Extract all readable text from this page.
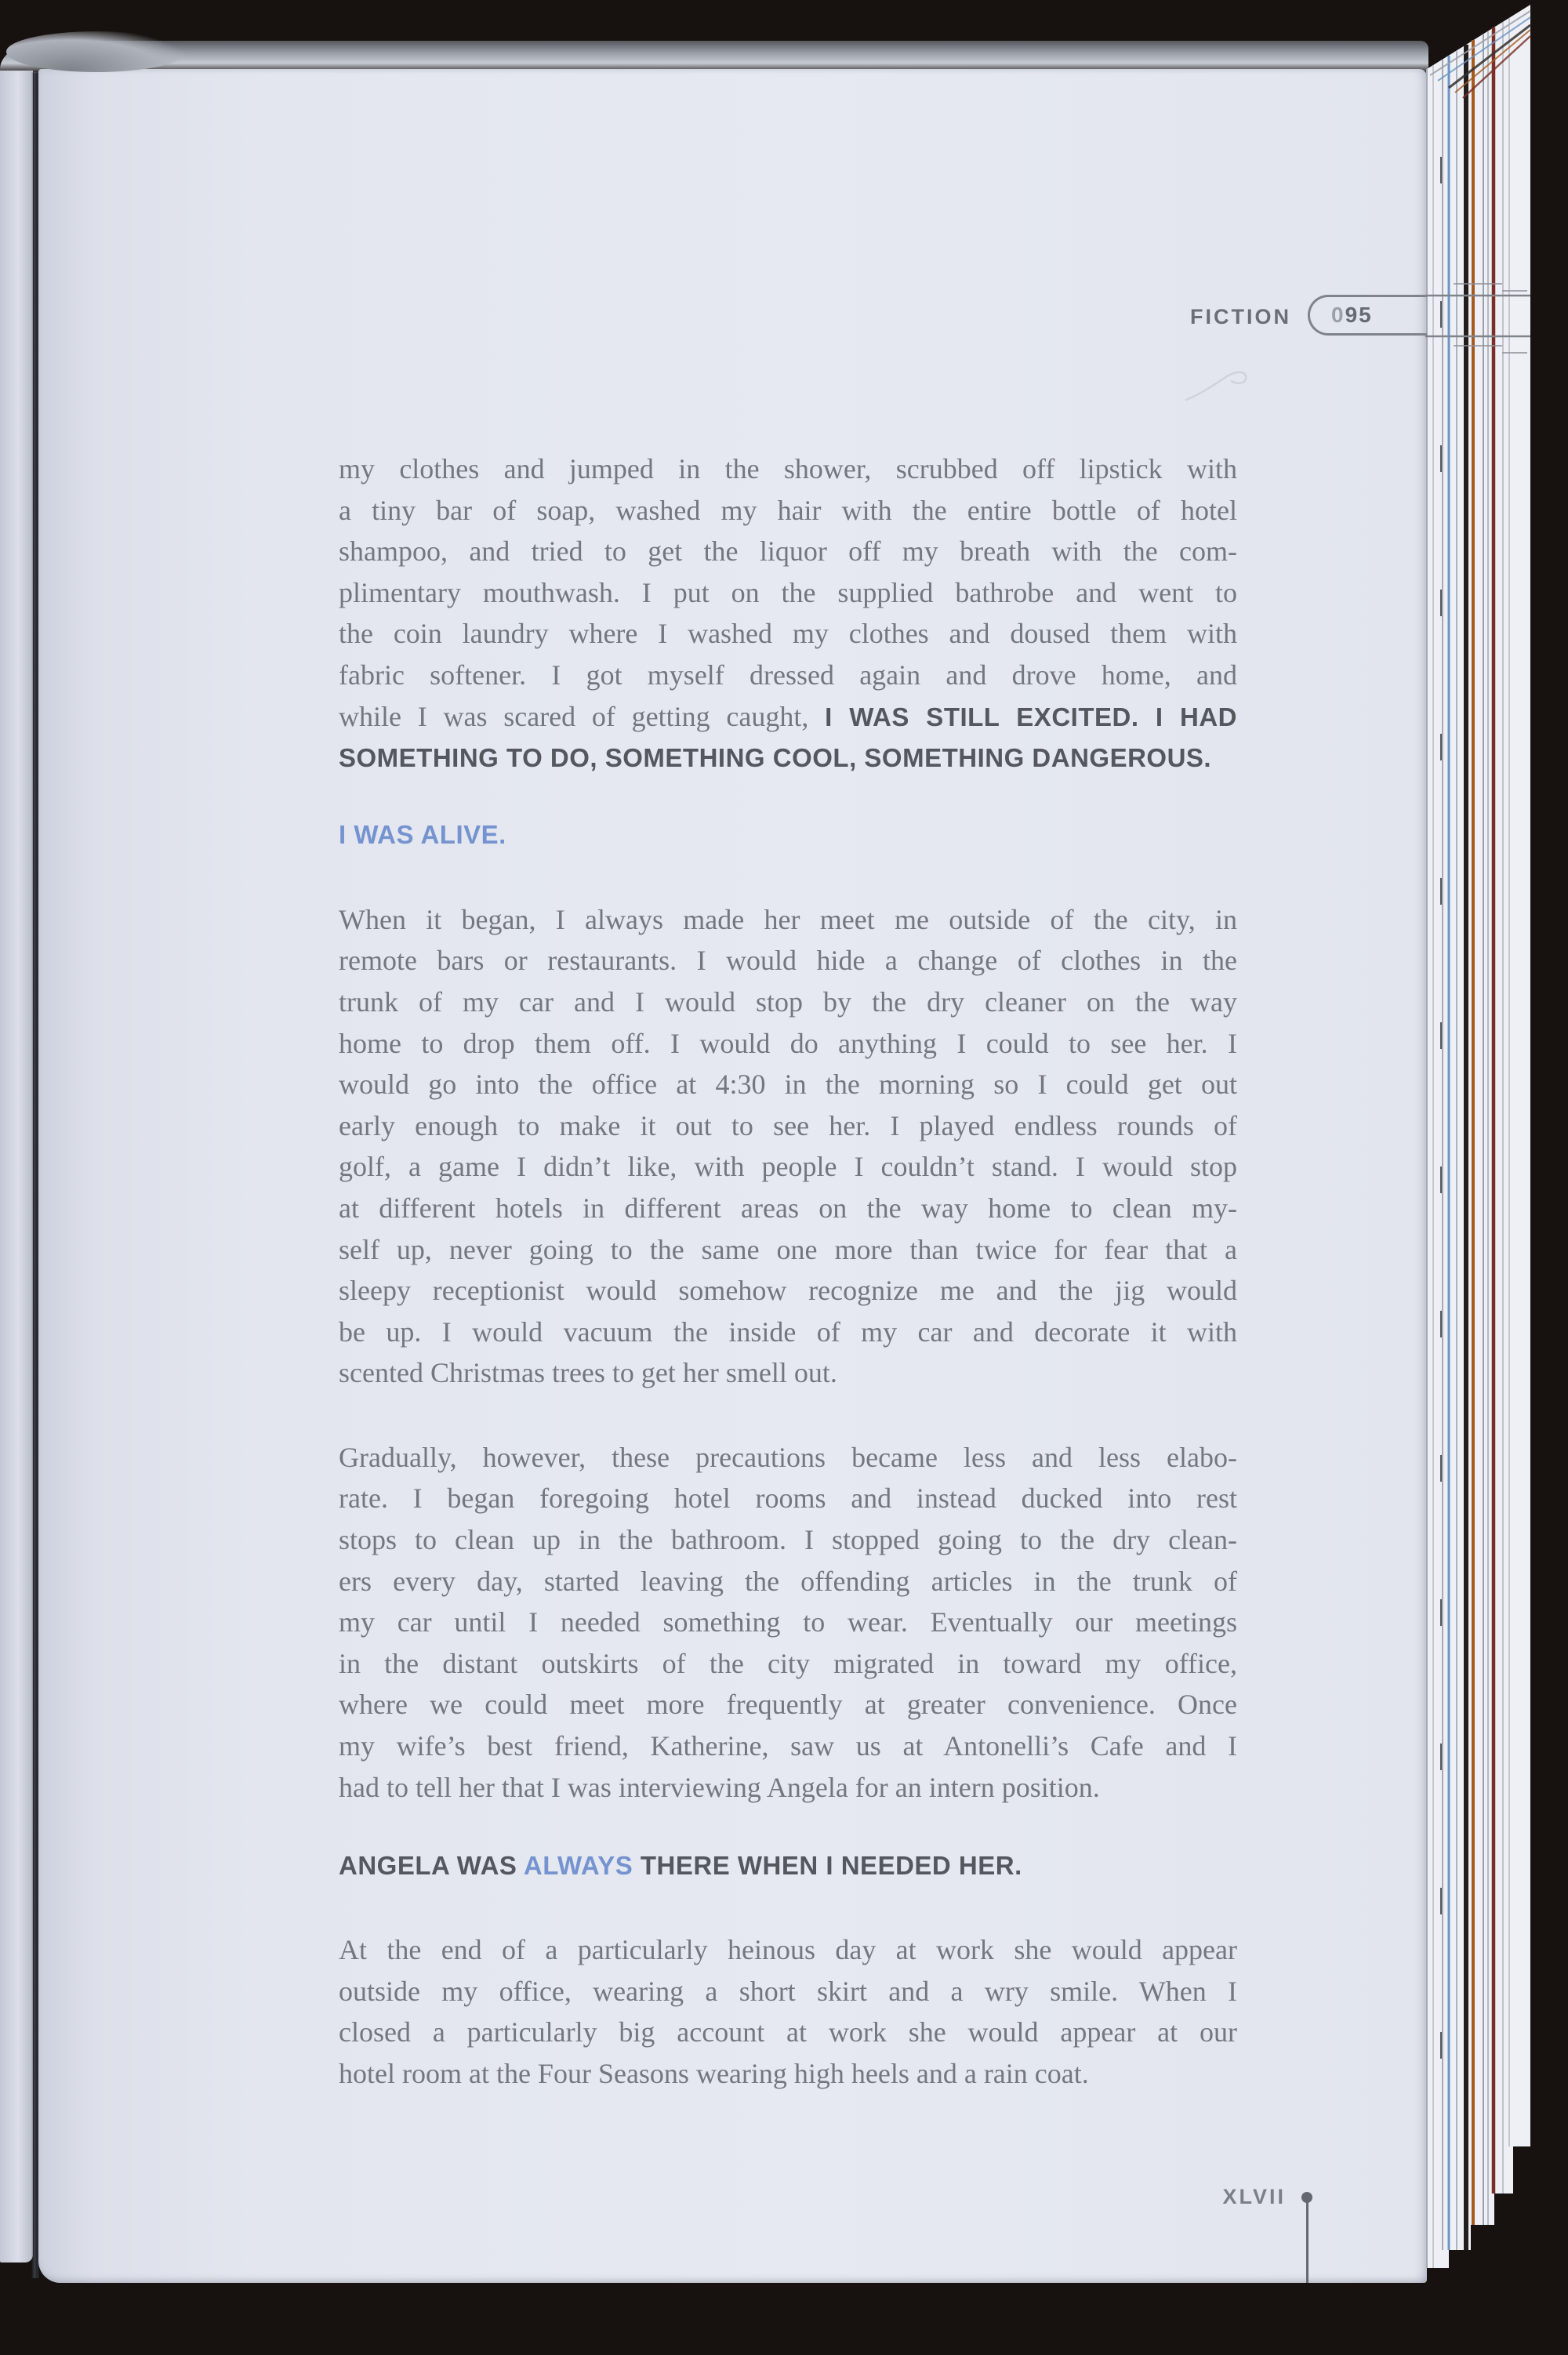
FICTION 095
my clothes and jumped in the shower, scrubbed off lipstick with
a tiny bar of soap, washed my hair with the entire bottle of hotel
shampoo, and tried to get the liquor off my breath with the com-
plimentary mouthwash. I put on the supplied bathrobe and went to
the coin laundry where I washed my clothes and doused them with
fabric softener. I got myself dressed again and drove home, and
while I was scared of getting caught, I WAS STILL EXCITED. I HAD
SOMETHING TO DO, SOMETHING COOL, SOMETHING DANGEROUS.
I WAS ALIVE.
When it began, I always made her meet me outside of the city, in
remote bars or restaurants. I would hide a change of clothes in the
trunk of my car and I would stop by the dry cleaner on the way
home to drop them off. I would do anything I could to see her. I
would go into the office at 4:30 in the morning so I could get out
early enough to make it out to see her. I played endless rounds of
golf, a game I didn’t like, with people I couldn’t stand. I would stop
at different hotels in different areas on the way home to clean my-
self up, never going to the same one more than twice for fear that a
sleepy receptionist would somehow recognize me and the jig would
be up. I would vacuum the inside of my car and decorate it with
scented Christmas trees to get her smell out.
Gradually, however, these precautions became less and less elabo-
rate. I began foregoing hotel rooms and instead ducked into rest
stops to clean up in the bathroom. I stopped going to the dry clean-
ers every day, started leaving the offending articles in the trunk of
my car until I needed something to wear. Eventually our meetings
in the distant outskirts of the city migrated in toward my office,
where we could meet more frequently at greater convenience. Once
my wife’s best friend, Katherine, saw us at Antonelli’s Cafe and I
had to tell her that I was interviewing Angela for an intern position.
ANGELA WAS ALWAYS THERE WHEN I NEEDED HER.
At the end of a particularly heinous day at work she would appear
outside my office, wearing a short skirt and a wry smile. When I
closed a particularly big account at work she would appear at our
hotel room at the Four Seasons wearing high heels and a rain coat.
XLVII
